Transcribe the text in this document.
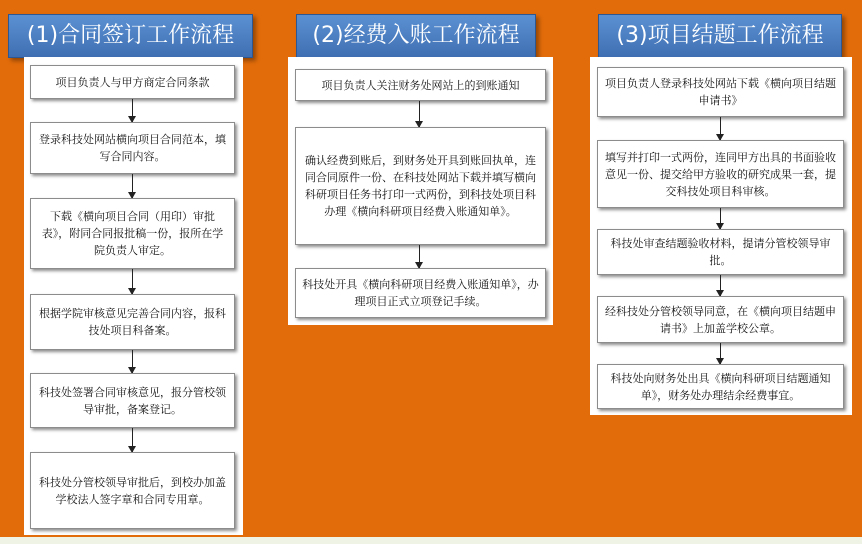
(1)合同签订工作流程
项目负责人与甲方商定合同条款
登录科技处网站横向项目合同范本，填写合同内容。
下载《横向项目合同（用印）审批表》，附同合同报批稿一份，报所在学院负责人审定。
根据学院审核意见完善合同内容，报科技处项目科备案。
科技处签署合同审核意见，报分管校领导审批，备案登记。
科技处分管校领导审批后，到校办加盖学校法人签字章和合同专用章。
(2)经费入账工作流程
项目负责人关注财务处网站上的到账通知
确认经费到账后，到财务处开具到账回执单，连同合同原件一份、在科技处网站下载并填写横向科研项目任务书打印一式两份，到科技处项目科办理《横向科研项目经费入账通知单》。
科技处开具《横向科研项目经费入账通知单》，办理项目正式立项登记手续。
(3)项目结题工作流程
项目负责人登录科技处网站下载《横向项目结题申请书》
填写并打印一式两份，连同甲方出具的书面验收意见一份、提交给甲方验收的研究成果一套，提交科技处项目科审核。
科技处审查结题验收材料，提请分管校领导审批。
经科技处分管校领导同意，在《横向项目结题申请书》上加盖学校公章。
科技处向财务处出具《横向科研项目结题通知单》，财务处办理结余经费事宜。
